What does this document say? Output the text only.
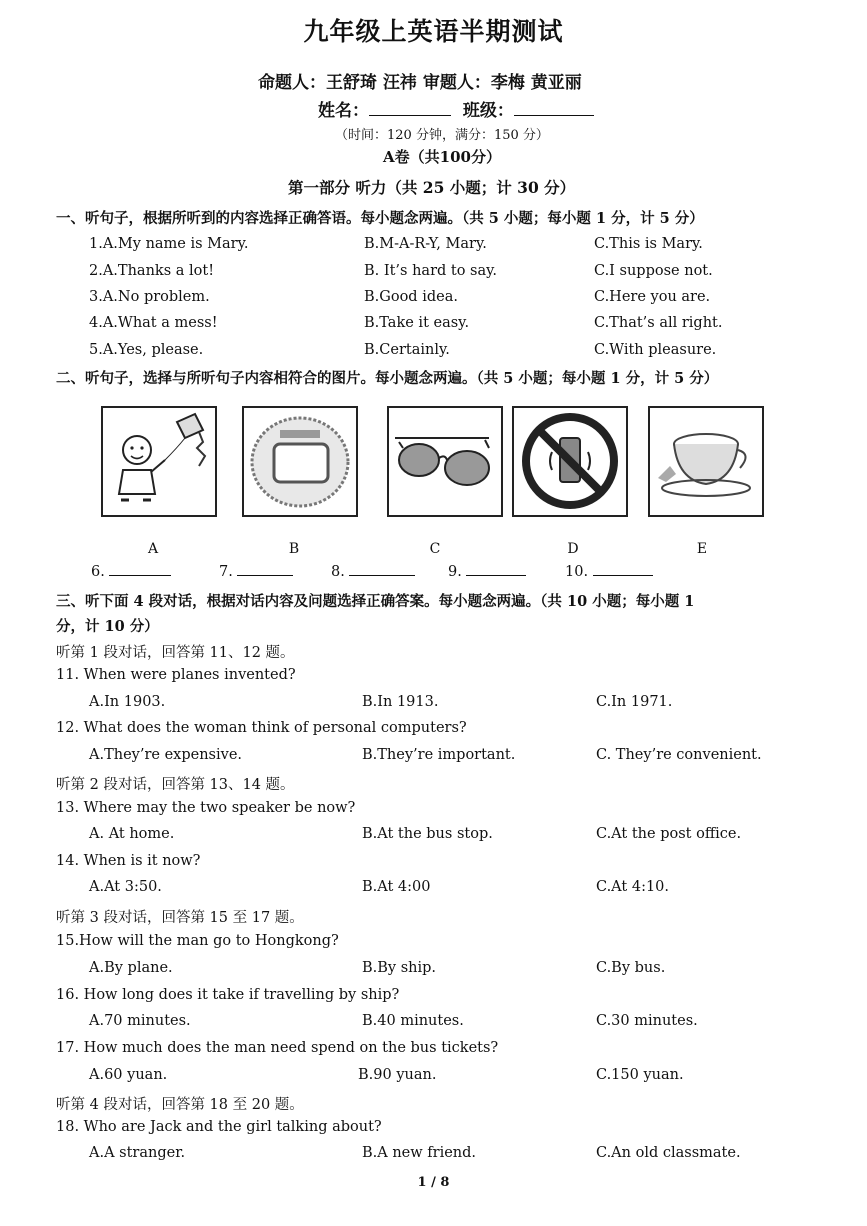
九年级上英语半期测试
命题人：王舒琦 汪祎 审题人：李梅 黄亚丽
姓名：	班级：
（时间：120 分钟，满分：150 分）
A卷（共100分）
第一部分 听力（共 25 小题；计 30 分）
一、听句子，根据所听到的内容选择正确答语。每小题念两遍。（共 5 小题；每小题 1 分，计 5 分）
1.A.My name is Mary.	B.M-A-R-Y, Mary.	C.This is Mary.
2.A.Thanks a lot!	B. It’s hard to say.	C.I suppose not.
3.A.No problem.	B.Good idea.	C.Here you are.
4.A.What a mess!	B.Take it easy.	C.That’s all right.
5.A.Yes, please.	B.Certainly.	C.With pleasure.
二、听句子，选择与所听句子内容相符合的图片。每小题念两遍。（共 5 小题；每小题 1 分，计 5 分）
A	B	C	D	E
6.	7.	8.	9.	10.
三、听下面 4 段对话，根据对话内容及问题选择正确答案。每小题念两遍。（共 10 小题；每小题 1
分，计 10 分）
听第 1 段对话，回答第 11、12 题。
11. When were planes invented?
A.In 1903.	B.In 1913.	C.In 1971.
12. What does the woman think of personal computers?
A.They’re expensive.	B.They’re important.	C. They’re convenient.
听第 2 段对话，回答第 13、14 题。
13. Where may the two speaker be now?
A. At home.	B.At the bus stop.	C.At the post office.
14. When is it now?
A.At 3:50.	B.At 4:00	C.At 4:10.
听第 3 段对话，回答第 15 至 17 题。
15.How will the man go to Hongkong?
A.By plane.	B.By ship.	C.By bus.
16. How long does it take if travelling by ship?
A.70 minutes.	B.40 minutes.	C.30 minutes.
17. How much does the man need spend on the bus tickets?
A.60 yuan.	B.90 yuan.	C.150 yuan.
听第 4 段对话，回答第 18 至 20 题。
18. Who are Jack and the girl talking about?
A.A stranger.	B.A new friend.	C.An old classmate.
1 / 8
